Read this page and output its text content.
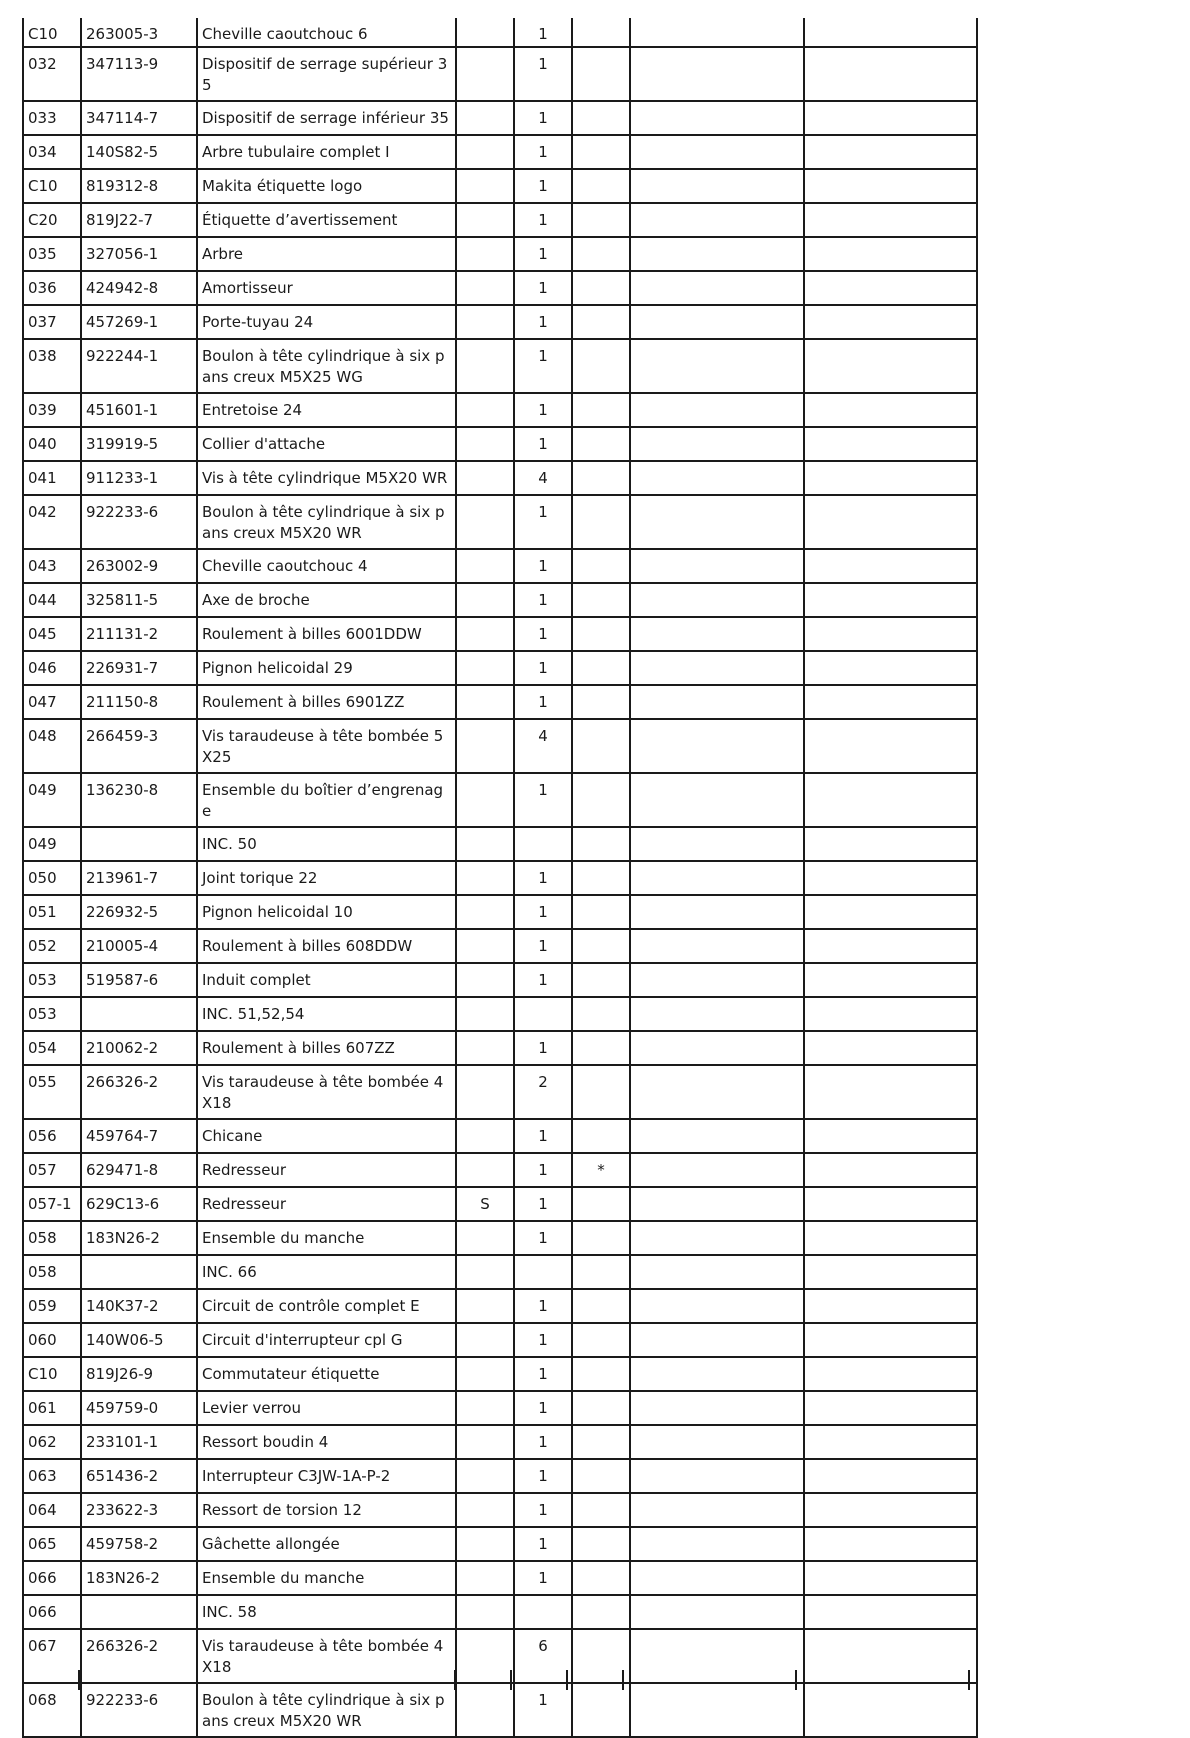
C10	263005-3	Cheville caoutchouc 6		1			
032	347113-9	Dispositif de serrage supérieur 35		1			
033	347114-7	Dispositif de serrage inférieur 35		1			
034	140S82-5	Arbre tubulaire complet I		1			
C10	819312-8	Makita étiquette logo		1			
C20	819J22-7	Étiquette d’avertissement		1			
035	327056-1	Arbre		1			
036	424942-8	Amortisseur		1			
037	457269-1	Porte-tuyau 24		1			
038	922244-1	Boulon à tête cylindrique à six pans creux M5X25 WG		1			
039	451601-1	Entretoise 24		1			
040	319919-5	Collier d'attache		1			
041	911233-1	Vis à tête cylindrique M5X20 WR		4			
042	922233-6	Boulon à tête cylindrique à six pans creux M5X20 WR		1			
043	263002-9	Cheville caoutchouc 4		1			
044	325811-5	Axe de broche		1			
045	211131-2	Roulement à billes 6001DDW		1			
046	226931-7	Pignon helicoidal 29		1			
047	211150-8	Roulement à billes 6901ZZ		1			
048	266459-3	Vis taraudeuse à tête bombée 5X25		4			
049	136230-8	Ensemble du boîtier d’engrenage		1			
049		INC. 50					
050	213961-7	Joint torique 22		1			
051	226932-5	Pignon helicoidal 10		1			
052	210005-4	Roulement à billes 608DDW		1			
053	519587-6	Induit complet		1			
053		INC. 51,52,54					
054	210062-2	Roulement à billes 607ZZ		1			
055	266326-2	Vis taraudeuse à tête bombée 4X18		2			
056	459764-7	Chicane		1			
057	629471-8	Redresseur		1	*		
057-1	629C13-6	Redresseur	S	1			
058	183N26-2	Ensemble du manche		1			
058		INC. 66					
059	140K37-2	Circuit de contrôle complet E		1			
060	140W06-5	Circuit d'interrupteur cpl G		1			
C10	819J26-9	Commutateur étiquette		1			
061	459759-0	Levier verrou		1			
062	233101-1	Ressort boudin 4		1			
063	651436-2	Interrupteur C3JW-1A-P-2		1			
064	233622-3	Ressort de torsion 12		1			
065	459758-2	Gâchette allongée		1			
066	183N26-2	Ensemble du manche		1			
066		INC. 58					
067	266326-2	Vis taraudeuse à tête bombée 4X18		6			
068	922233-6	Boulon à tête cylindrique à six pans creux M5X20 WR		1			
